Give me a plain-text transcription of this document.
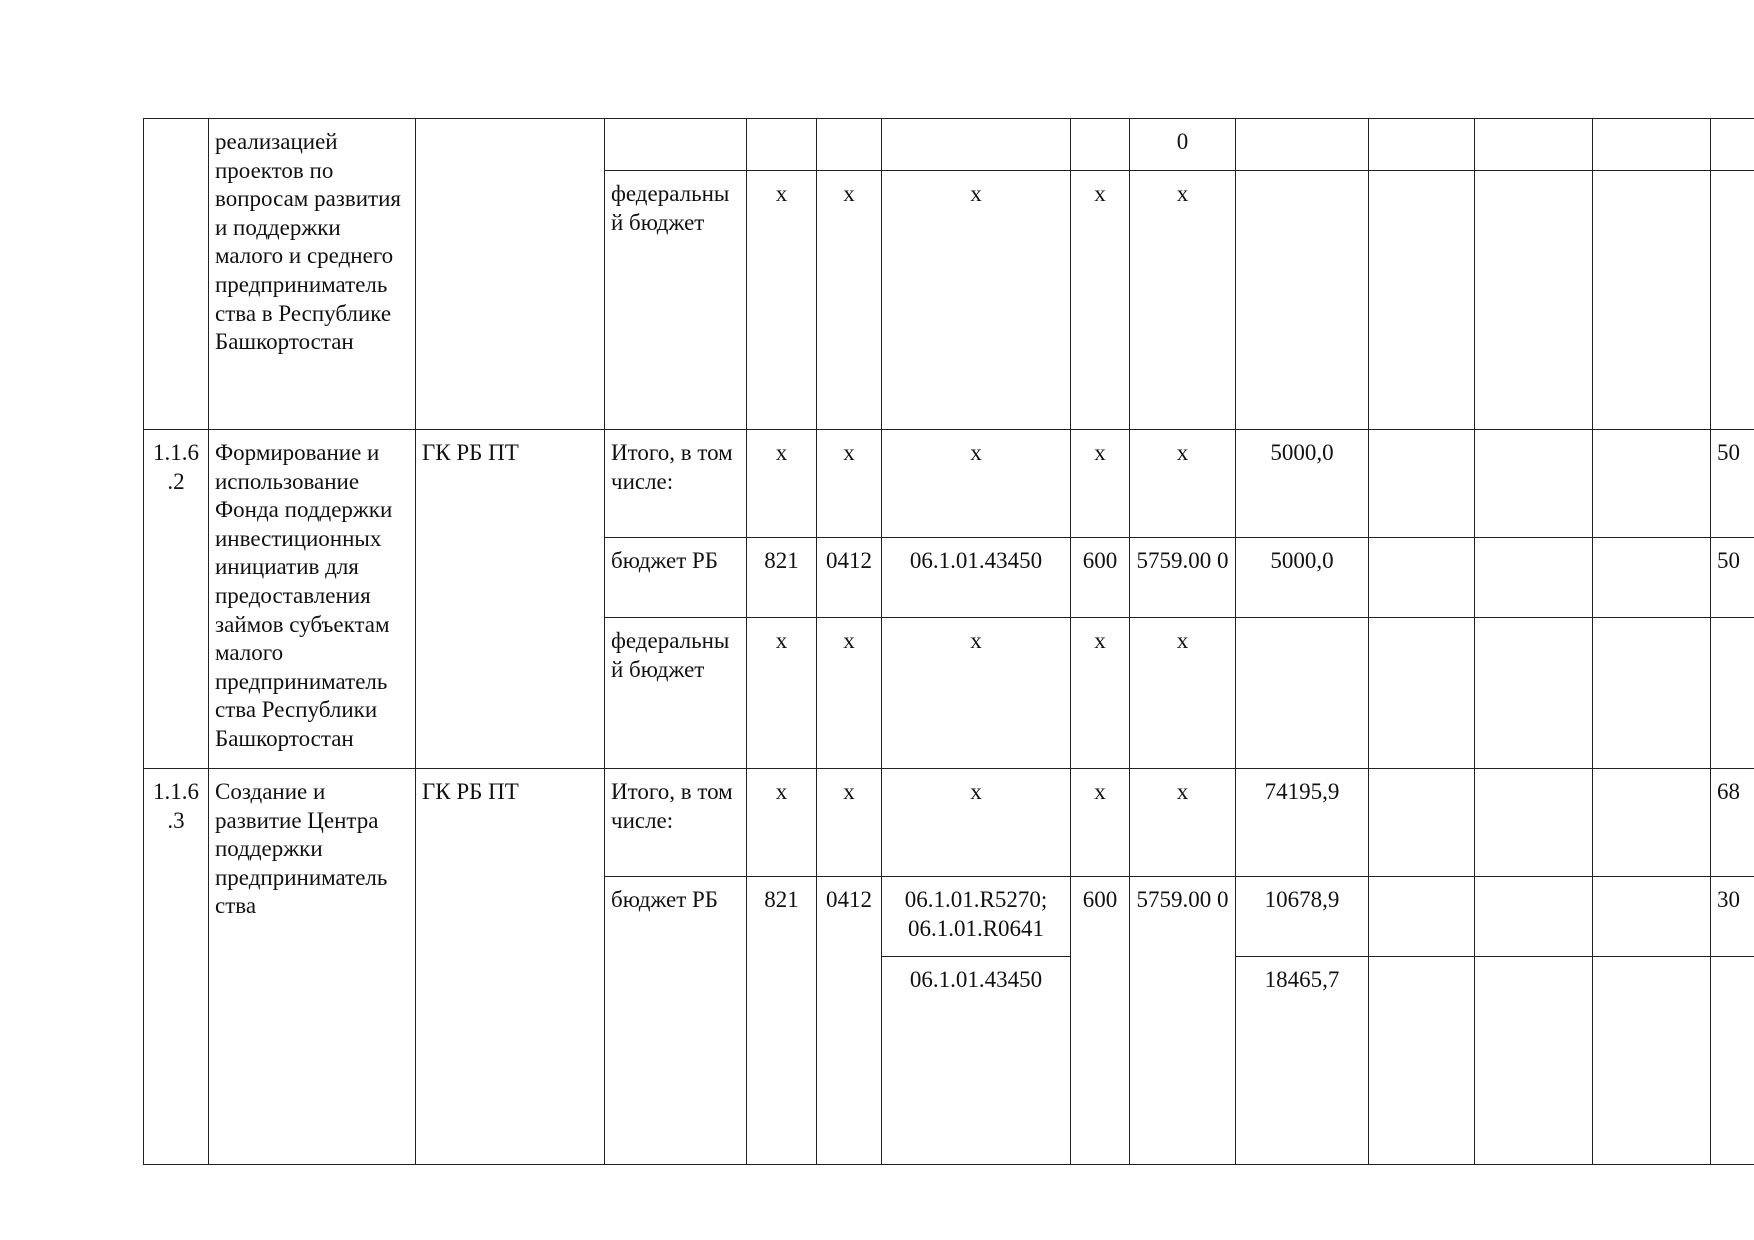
	реализацией проектов по вопросам развития и поддержки малого и среднего предприниматель ства в Республике Башкортостан							0					
			федеральны й бюджет	x	x	x	x	x					
1.1.6 .2	Формирование и использование Фонда поддержки инвестиционных инициатив для предоставления займов субъектам малого предприниматель ства Республики Башкортостан	ГК РБ ПТ	Итого, в том числе:	x	x	x	x	x	5000,0				50
			бюджет РБ	821	0412	06.1.01.43450	600	5759.00 0	5000,0				50
			федеральны й бюджет	x	x	x	x	x					
1.1.6 .3	Создание и развитие Центра поддержки предприниматель ства	ГК РБ ПТ	Итого, в том числе:	x	x	x	x	x	74195,9				68
			бюджет РБ	821	0412	06.1.01.R5270; 06.1.01.R0641	600	5759.00 0	10678,9				30
						06.1.01.43450			18465,7				
